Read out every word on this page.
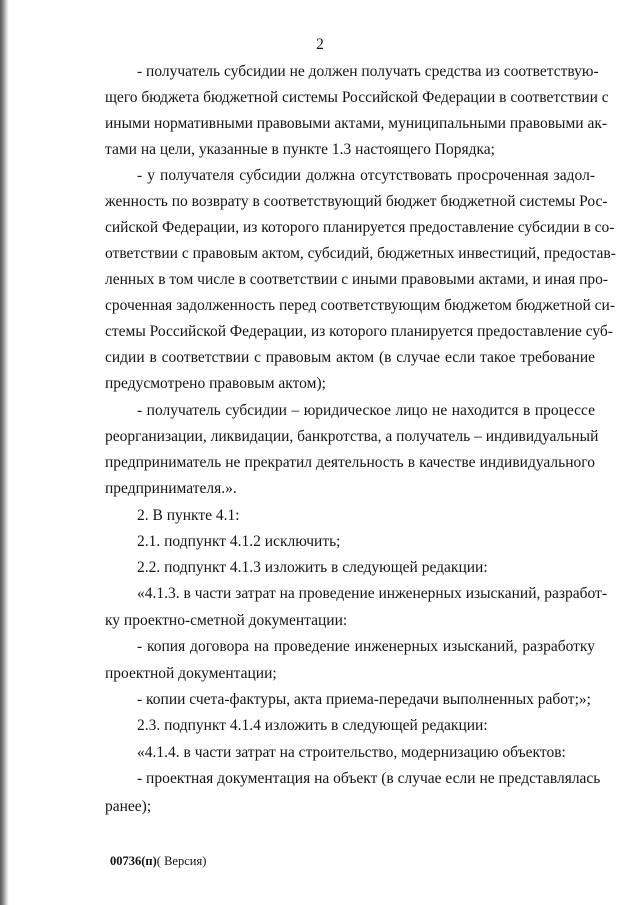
2
- получатель субсидии не должен получать средства из соответствую-
щего бюджета бюджетной системы Российской Федерации в соответствии с
иными нормативными правовыми актами, муниципальными правовыми ак-
тами на цели, указанные в пункте 1.3 настоящего Порядка;
- у получателя субсидии должна отсутствовать просроченная задол-
женность по возврату в соответствующий бюджет бюджетной системы Рос-
сийской Федерации, из которого планируется предоставление субсидии в со-
ответствии с правовым актом, субсидий, бюджетных инвестиций, предостав-
ленных в том числе в соответствии с иными правовыми актами, и иная про-
сроченная задолженность перед соответствующим бюджетом бюджетной си-
стемы Российской Федерации, из которого планируется предоставление суб-
сидии в соответствии с правовым актом (в случае если такое требование
предусмотрено правовым актом);
- получатель субсидии – юридическое лицо не находится в процессе
реорганизации, ликвидации, банкротства, а получатель – индивидуальный
предприниматель не прекратил деятельность в качестве индивидуального
предпринимателя.».
2. В пункте 4.1:
2.1. подпункт 4.1.2 исключить;
2.2. подпункт 4.1.3 изложить в следующей редакции:
«4.1.3. в части затрат на проведение инженерных изысканий, разработ-
ку проектно-сметной документации:
- копия договора на проведение инженерных изысканий, разработку
проектной документации;
- копии счета-фактуры, акта приема-передачи выполненных работ;»;
2.3. подпункт 4.1.4 изложить в следующей редакции:
«4.1.4. в части затрат на строительство, модернизацию объектов:
- проектная документация на объект (в случае если не представлялась
ранее);
00736(п)( Версия)
